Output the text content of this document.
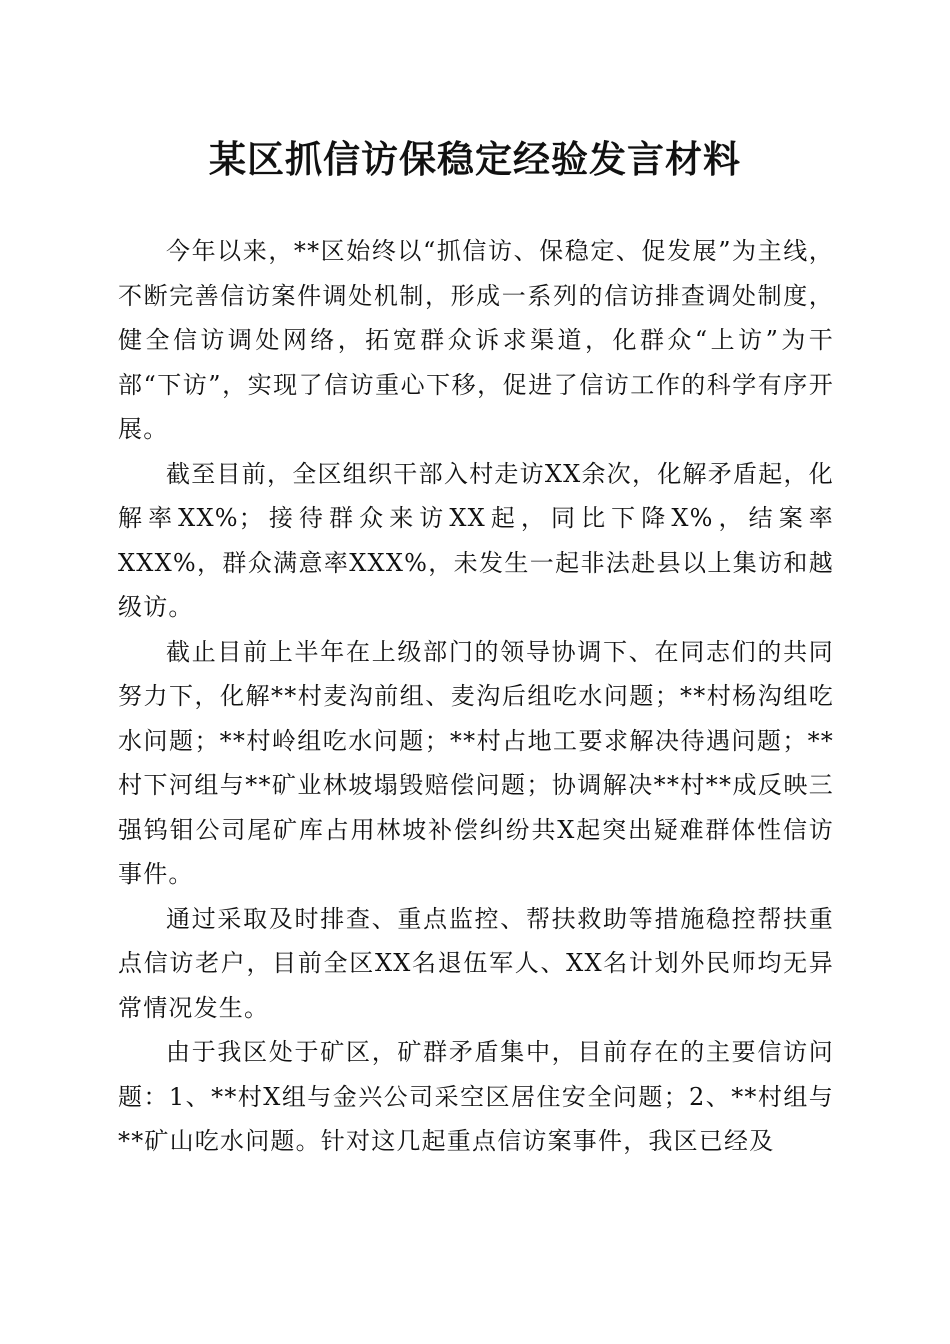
某区抓信访保稳定经验发言材料

今年以来，**区始终以“抓信访、保稳定、促发展”为主线，不断完善信访案件调处机制，形成一系列的信访排查调处制度，健全信访调处网络，拓宽群众诉求渠道，化群众“上访”为干部“下访”，实现了信访重心下移，促进了信访工作的科学有序开展。

截至目前，全区组织干部入村走访XX余次，化解矛盾起，化解率XX%；接待群众来访XX起，同比下降X%，结案率XXX%，群众满意率XXX%，未发生一起非法赴县以上集访和越级访。

截止目前上半年在上级部门的领导协调下、在同志们的共同努力下，化解**村麦沟前组、麦沟后组吃水问题；**村杨沟组吃水问题；**村岭组吃水问题；**村占地工要求解决待遇问题；**村下河组与**矿业林坡塌毁赔偿问题；协调解决**村**成反映三强钨钼公司尾矿库占用林坡补偿纠纷共X起突出疑难群体性信访事件。

通过采取及时排查、重点监控、帮扶救助等措施稳控帮扶重点信访老户，目前全区XX名退伍军人、XX名计划外民师均无异常情况发生。

由于我区处于矿区，矿群矛盾集中，目前存在的主要信访问题：1、**村X组与金兴公司采空区居住安全问题；2、**村组与**矿山吃水问题。针对这几起重点信访案事件，我区已经及
